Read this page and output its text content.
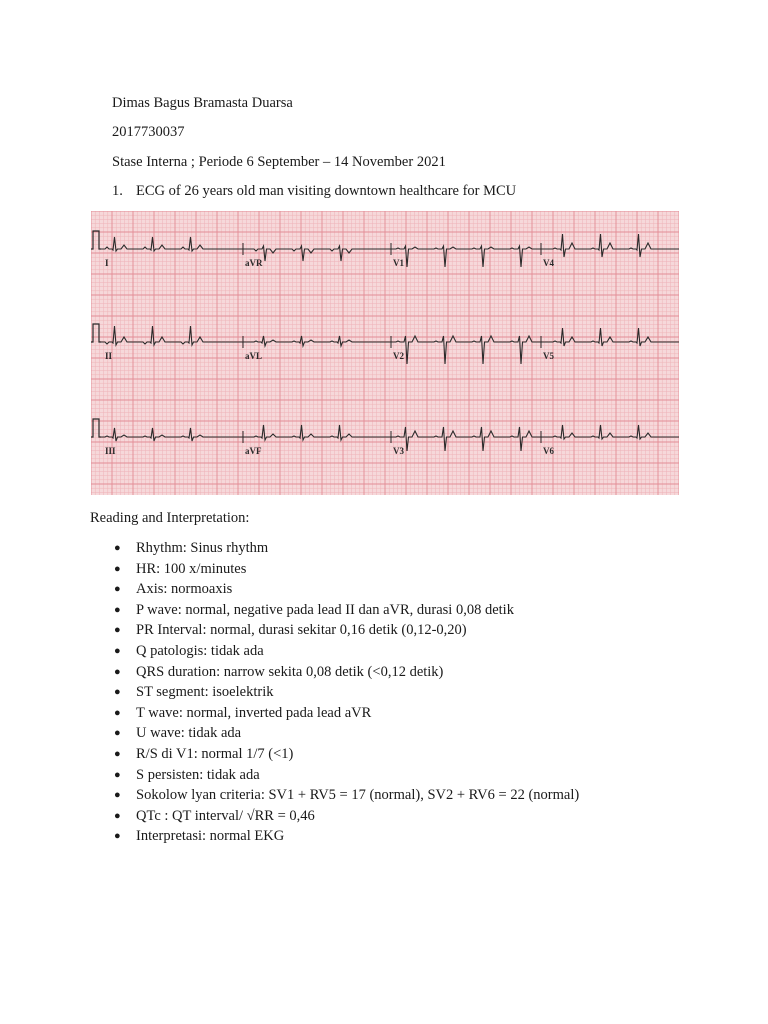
Dimas Bagus Bramasta Duarsa
2017730037
Stase Interna ; Periode 6 September – 14 November 2021
1. ECG of 26 years old man visiting downtown healthcare for MCU
I	aVR	V1	V4
II	aVL	V2	V5
III	aVF	V3	V6
Reading and Interpretation:
● Rhythm: Sinus rhythm
● HR: 100 x/minutes
● Axis: normoaxis
● P wave: normal, negative pada lead II dan aVR, durasi 0,08 detik
● PR Interval: normal, durasi sekitar 0,16 detik (0,12-0,20)
● Q patologis: tidak ada
● QRS duration: narrow sekita 0,08 detik (<0,12 detik)
● ST segment: isoelektrik
● T wave: normal, inverted pada lead aVR
● U wave: tidak ada
● R/S di V1: normal 1/7 (<1)
● S persisten: tidak ada
● Sokolow lyan criteria: SV1 + RV5 = 17 (normal), SV2 + RV6 = 22 (normal)
● QTc : QT interval/ √RR = 0,46
● Interpretasi: normal EKG
